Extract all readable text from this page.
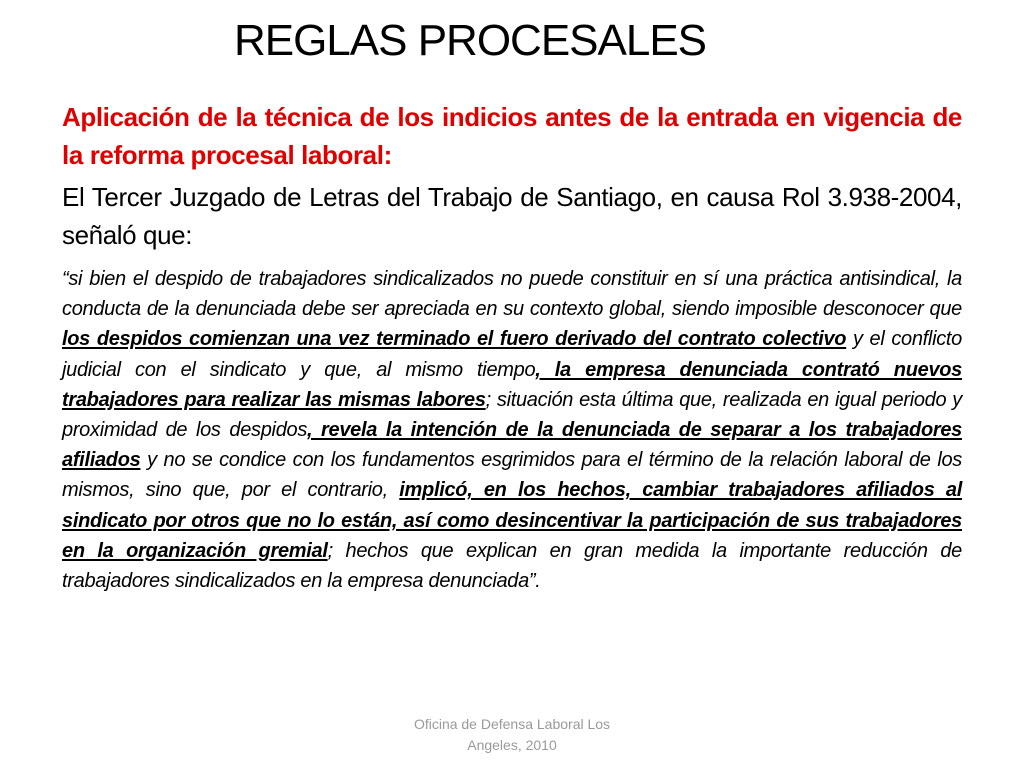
REGLAS PROCESALES

Aplicación de la técnica de los indicios antes de la entrada en vigencia de la reforma procesal laboral:

El Tercer Juzgado de Letras del Trabajo de Santiago, en causa Rol 3.938-2004, señaló que:

“si bien el despido de trabajadores sindicalizados no puede constituir en sí una práctica antisindical, la conducta de la denunciada debe ser apreciada en su contexto global, siendo imposible desconocer que los despidos comienzan una vez terminado el fuero derivado del contrato colectivo y el conflicto judicial con el sindicato y que, al mismo tiempo, la empresa denunciada contrató nuevos trabajadores para realizar las mismas labores; situación esta última que, realizada en igual periodo y proximidad de los despidos, revela la intención de la denunciada de separar a los trabajadores afiliados y no se condice con los fundamentos esgrimidos para el término de la relación laboral de los mismos, sino que, por el contrario, implicó, en los hechos, cambiar trabajadores afiliados al sindicato por otros que no lo están, así como desincentivar la participación de sus trabajadores en la organización gremial; hechos que explican en gran medida la importante reducción de trabajadores sindicalizados en la empresa denunciada”.

Oficina de Defensa Laboral Los
Angeles, 2010
